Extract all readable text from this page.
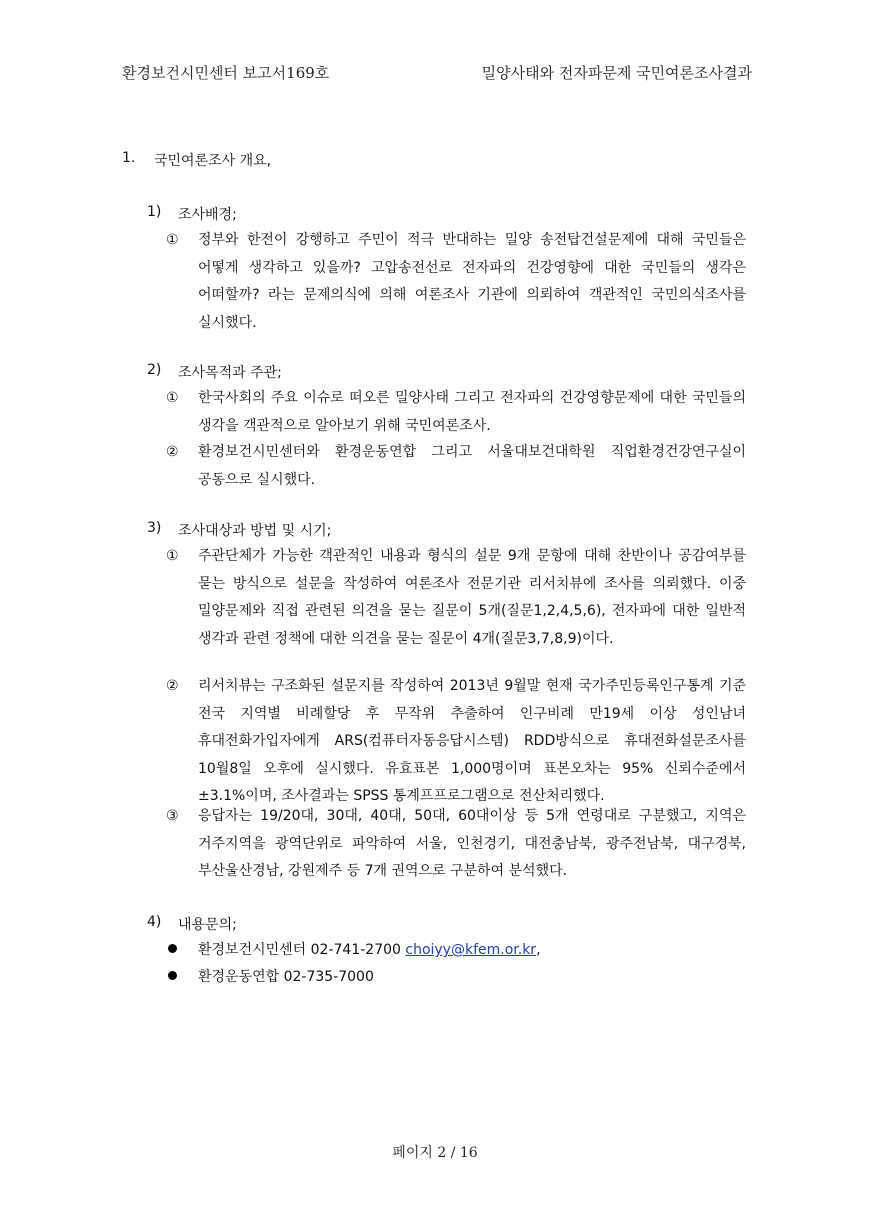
환경보건시민센터 보고서169호	밀양사태와 전자파문제 국민여론조사결과
1. 국민여론조사 개요,
1) 조사배경;
① 정부와 한전이 강행하고 주민이 적극 반대하는 밀양 송전탑건설문제에 대해 국민들은 어떻게 생각하고 있을까? 고압송전선로 전자파의 건강영향에 대한 국민들의 생각은 어떠할까? 라는 문제의식에 의해 여론조사 기관에 의뢰하여 객관적인 국민의식조사를 실시했다.
2) 조사목적과 주관;
① 한국사회의 주요 이슈로 떠오른 밀양사태 그리고 전자파의 건강영향문제에 대한 국민들의 생각을 객관적으로 알아보기 위해 국민여론조사.
② 환경보건시민센터와 환경운동연합 그리고 서울대보건대학원 직업환경건강연구실이 공동으로 실시했다.
3) 조사대상과 방법 및 시기;
① 주관단체가 가능한 객관적인 내용과 형식의 설문 9개 문항에 대해 찬반이나 공감여부를 묻는 방식으로 설문을 작성하여 여론조사 전문기관 리서치뷰에 조사를 의뢰했다. 이중 밀양문제와 직접 관련된 의견을 묻는 질문이 5개(질문1,2,4,5,6), 전자파에 대한 일반적 생각과 관련 정책에 대한 의견을 묻는 질문이 4개(질문3,7,8,9)이다.
② 리서치뷰는 구조화된 설문지를 작성하여 2013년 9월말 현재 국가주민등록인구통계 기준 전국 지역별 비례할당 후 무작위 추출하여 인구비례 만19세 이상 성인남녀 휴대전화가입자에게 ARS(컴퓨터자동응답시스템) RDD방식으로 휴대전화설문조사를 10월8일 오후에 실시했다. 유효표본 1,000명이며 표본오차는 95% 신뢰수준에서 ±3.1%이며, 조사결과는 SPSS 통계프프로그램으로 전산처리했다.
③ 응답자는 19/20대, 30대, 40대, 50대, 60대이상 등 5개 연령대로 구분했고, 지역은 거주지역을 광역단위로 파악하여 서울, 인천경기, 대전충남북, 광주전남북, 대구경북, 부산울산경남, 강원제주 등 7개 권역으로 구분하여 분석했다.
4) 내용문의;
환경보건시민센터 02-741-2700 choiyy@kfem.or.kr,
환경운동연합 02-735-7000
페이지 2 / 16
